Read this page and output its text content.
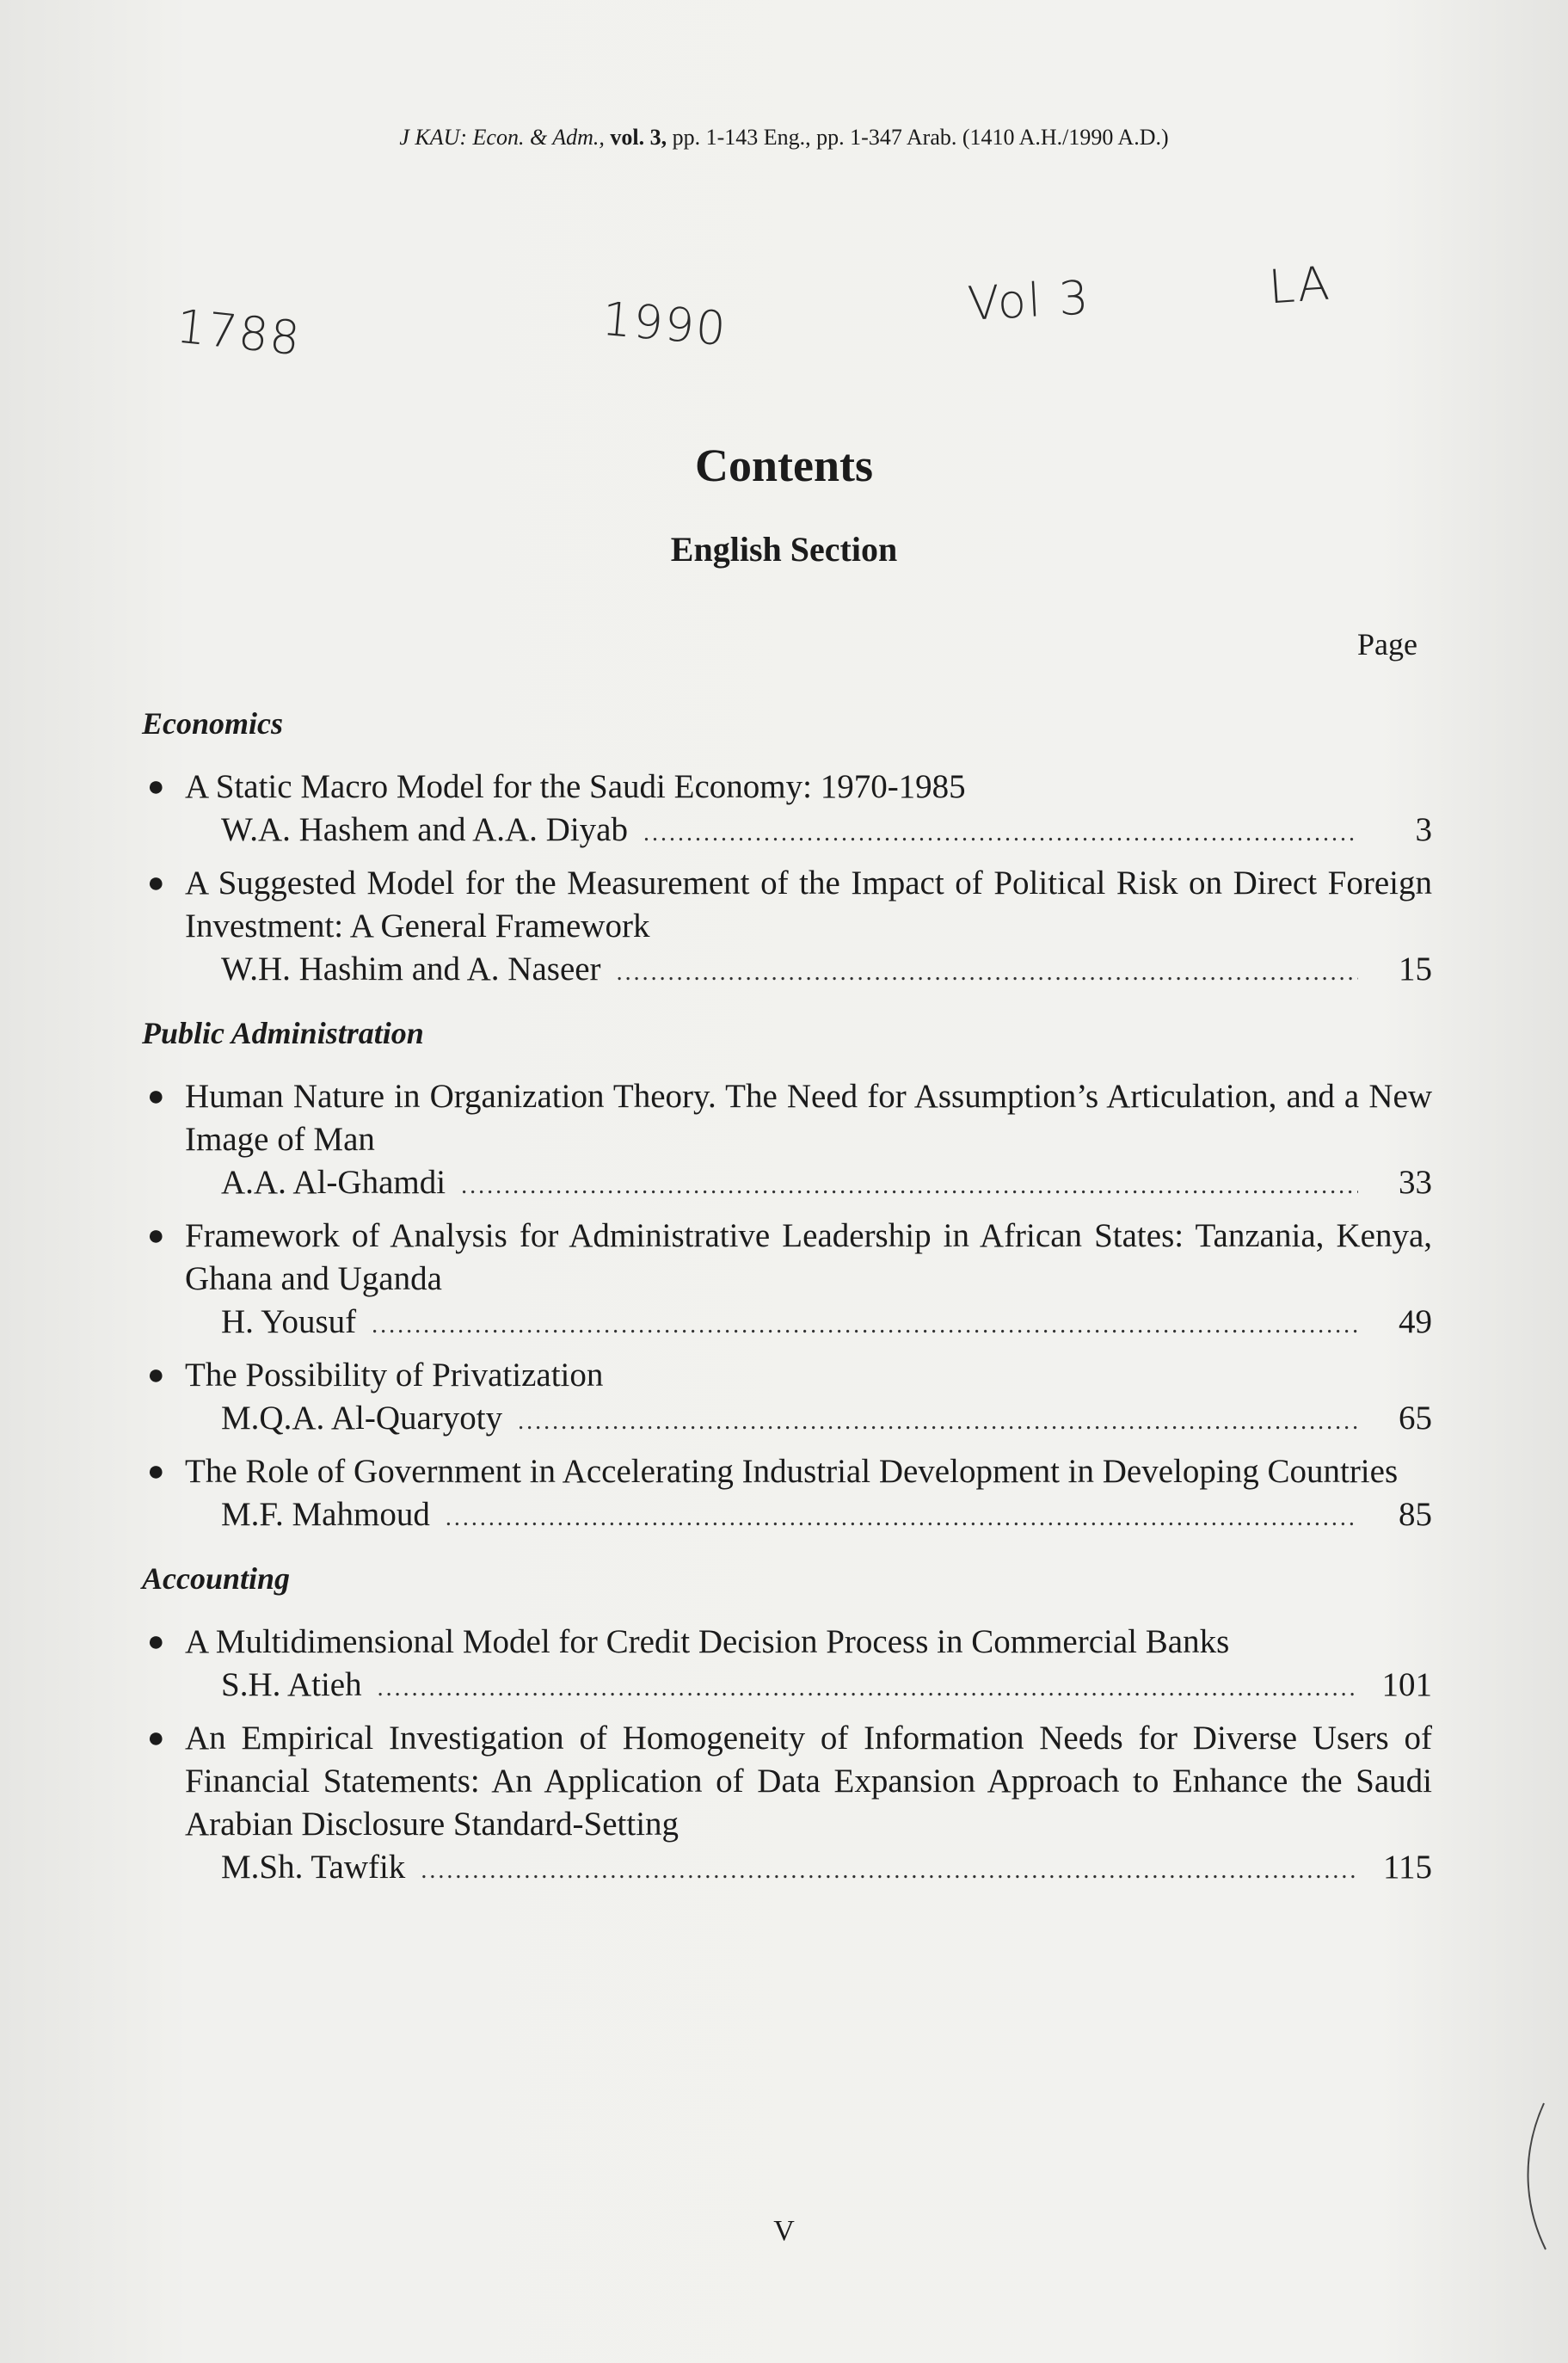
J KAU: Econ. & Adm., vol. 3, pp. 1-143 Eng., pp. 1-347 Arab. (1410 A.H./1990 A.D.)
1788	1990	Vol 3	LA
Contents
English Section
Page
Economics
● A Static Macro Model for the Saudi Economy: 1970-1985
W.A. Hashem and A.A. Diyab .....	3
● A Suggested Model for the Measurement of the Impact of Political Risk on Direct Foreign Investment: A General Framework
W.H. Hashim and A. Naseer .....	15
Public Administration
● Human Nature in Organization Theory. The Need for Assumption’s Articulation, and a New Image of Man
A.A. Al-Ghamdi .....	33
● Framework of Analysis for Administrative Leadership in African States: Tanzania, Kenya, Ghana and Uganda
H. Yousuf .....	49
● The Possibility of Privatization
M.Q.A. Al-Quaryoty .....	65
● The Role of Government in Accelerating Industrial Development in Developing Countries
M.F. Mahmoud .....	85
Accounting
● A Multidimensional Model for Credit Decision Process in Commercial Banks
S.H. Atieh .....	101
● An Empirical Investigation of Homogeneity of Information Needs for Diverse Users of Financial Statements: An Application of Data Expansion Approach to Enhance the Saudi Arabian Disclosure Standard-Setting
M.Sh. Tawfik .....	115
V
